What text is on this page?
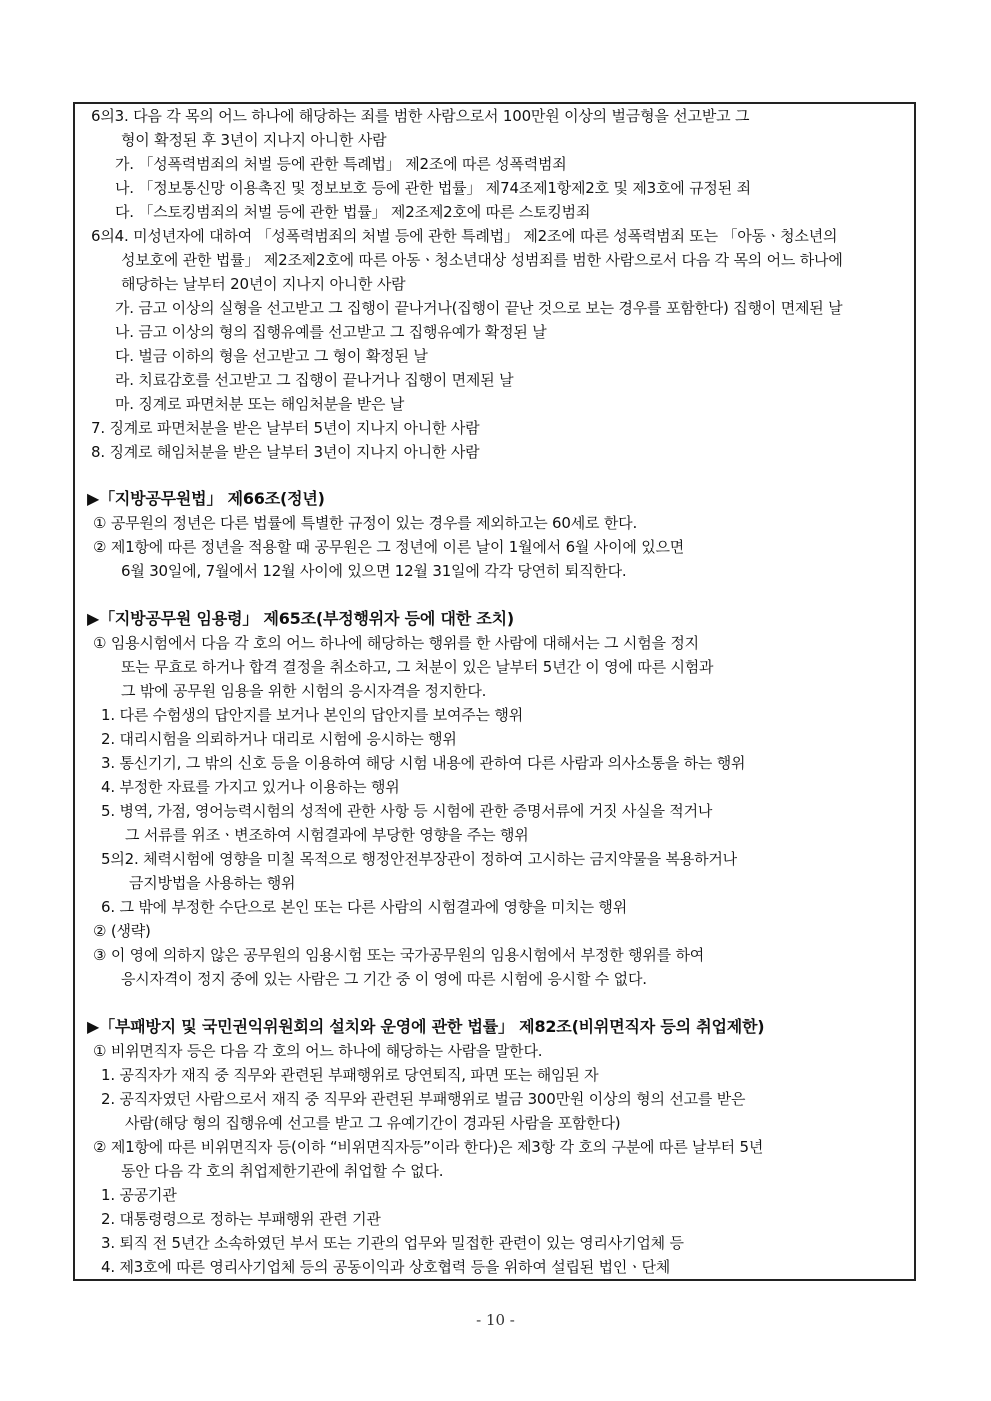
6의3. 다음 각 목의 어느 하나에 해당하는 죄를 범한 사람으로서 100만원 이상의 벌금형을 선고받고 그
형이 확정된 후 3년이 지나지 아니한 사람
가. 「성폭력범죄의 처벌 등에 관한 특례법」 제2조에 따른 성폭력범죄
나. 「정보통신망 이용촉진 및 정보보호 등에 관한 법률」 제74조제1항제2호 및 제3호에 규정된 죄
다. 「스토킹범죄의 처벌 등에 관한 법률」 제2조제2호에 따른 스토킹범죄
6의4. 미성년자에 대하여 「성폭력범죄의 처벌 등에 관한 특례법」 제2조에 따른 성폭력범죄 또는 「아동ㆍ청소년의
성보호에 관한 법률」 제2조제2호에 따른 아동ㆍ청소년대상 성범죄를 범한 사람으로서 다음 각 목의 어느 하나에
해당하는 날부터 20년이 지나지 아니한 사람
가. 금고 이상의 실형을 선고받고 그 집행이 끝나거나(집행이 끝난 것으로 보는 경우를 포함한다) 집행이 면제된 날
나. 금고 이상의 형의 집행유예를 선고받고 그 집행유예가 확정된 날
다. 벌금 이하의 형을 선고받고 그 형이 확정된 날
라. 치료감호를 선고받고 그 집행이 끝나거나 집행이 면제된 날
마. 징계로 파면처분 또는 해임처분을 받은 날
7. 징계로 파면처분을 받은 날부터 5년이 지나지 아니한 사람
8. 징계로 해임처분을 받은 날부터 3년이 지나지 아니한 사람
▶「지방공무원법」 제66조(정년)
① 공무원의 정년은 다른 법률에 특별한 규정이 있는 경우를 제외하고는 60세로 한다.
② 제1항에 따른 정년을 적용할 때 공무원은 그 정년에 이른 날이 1월에서 6월 사이에 있으면
6월 30일에, 7월에서 12월 사이에 있으면 12월 31일에 각각 당연히 퇴직한다.
▶「지방공무원 임용령」 제65조(부정행위자 등에 대한 조치)
① 임용시험에서 다음 각 호의 어느 하나에 해당하는 행위를 한 사람에 대해서는 그 시험을 정지
또는 무효로 하거나 합격 결정을 취소하고, 그 처분이 있은 날부터 5년간 이 영에 따른 시험과
그 밖에 공무원 임용을 위한 시험의 응시자격을 정지한다.
1. 다른 수험생의 답안지를 보거나 본인의 답안지를 보여주는 행위
2. 대리시험을 의뢰하거나 대리로 시험에 응시하는 행위
3. 통신기기, 그 밖의 신호 등을 이용하여 해당 시험 내용에 관하여 다른 사람과 의사소통을 하는 행위
4. 부정한 자료를 가지고 있거나 이용하는 행위
5. 병역, 가점, 영어능력시험의 성적에 관한 사항 등 시험에 관한 증명서류에 거짓 사실을 적거나
그 서류를 위조ㆍ변조하여 시험결과에 부당한 영향을 주는 행위
5의2. 체력시험에 영향을 미칠 목적으로 행정안전부장관이 정하여 고시하는 금지약물을 복용하거나
금지방법을 사용하는 행위
6. 그 밖에 부정한 수단으로 본인 또는 다른 사람의 시험결과에 영향을 미치는 행위
② (생략)
③ 이 영에 의하지 않은 공무원의 임용시험 또는 국가공무원의 임용시험에서 부정한 행위를 하여
응시자격이 정지 중에 있는 사람은 그 기간 중 이 영에 따른 시험에 응시할 수 없다.
▶「부패방지 및 국민권익위원회의 설치와 운영에 관한 법률」 제82조(비위면직자 등의 취업제한)
① 비위면직자 등은 다음 각 호의 어느 하나에 해당하는 사람을 말한다.
1. 공직자가 재직 중 직무와 관련된 부패행위로 당연퇴직, 파면 또는 해임된 자
2. 공직자였던 사람으로서 재직 중 직무와 관련된 부패행위로 벌금 300만원 이상의 형의 선고를 받은
사람(해당 형의 집행유예 선고를 받고 그 유예기간이 경과된 사람을 포함한다)
② 제1항에 따른 비위면직자 등(이하 “비위면직자등”이라 한다)은 제3항 각 호의 구분에 따른 날부터 5년
동안 다음 각 호의 취업제한기관에 취업할 수 없다.
1. 공공기관
2. 대통령령으로 정하는 부패행위 관련 기관
3. 퇴직 전 5년간 소속하였던 부서 또는 기관의 업무와 밀접한 관련이 있는 영리사기업체 등
4. 제3호에 따른 영리사기업체 등의 공동이익과 상호협력 등을 위하여 설립된 법인ㆍ단체
- 10 -
